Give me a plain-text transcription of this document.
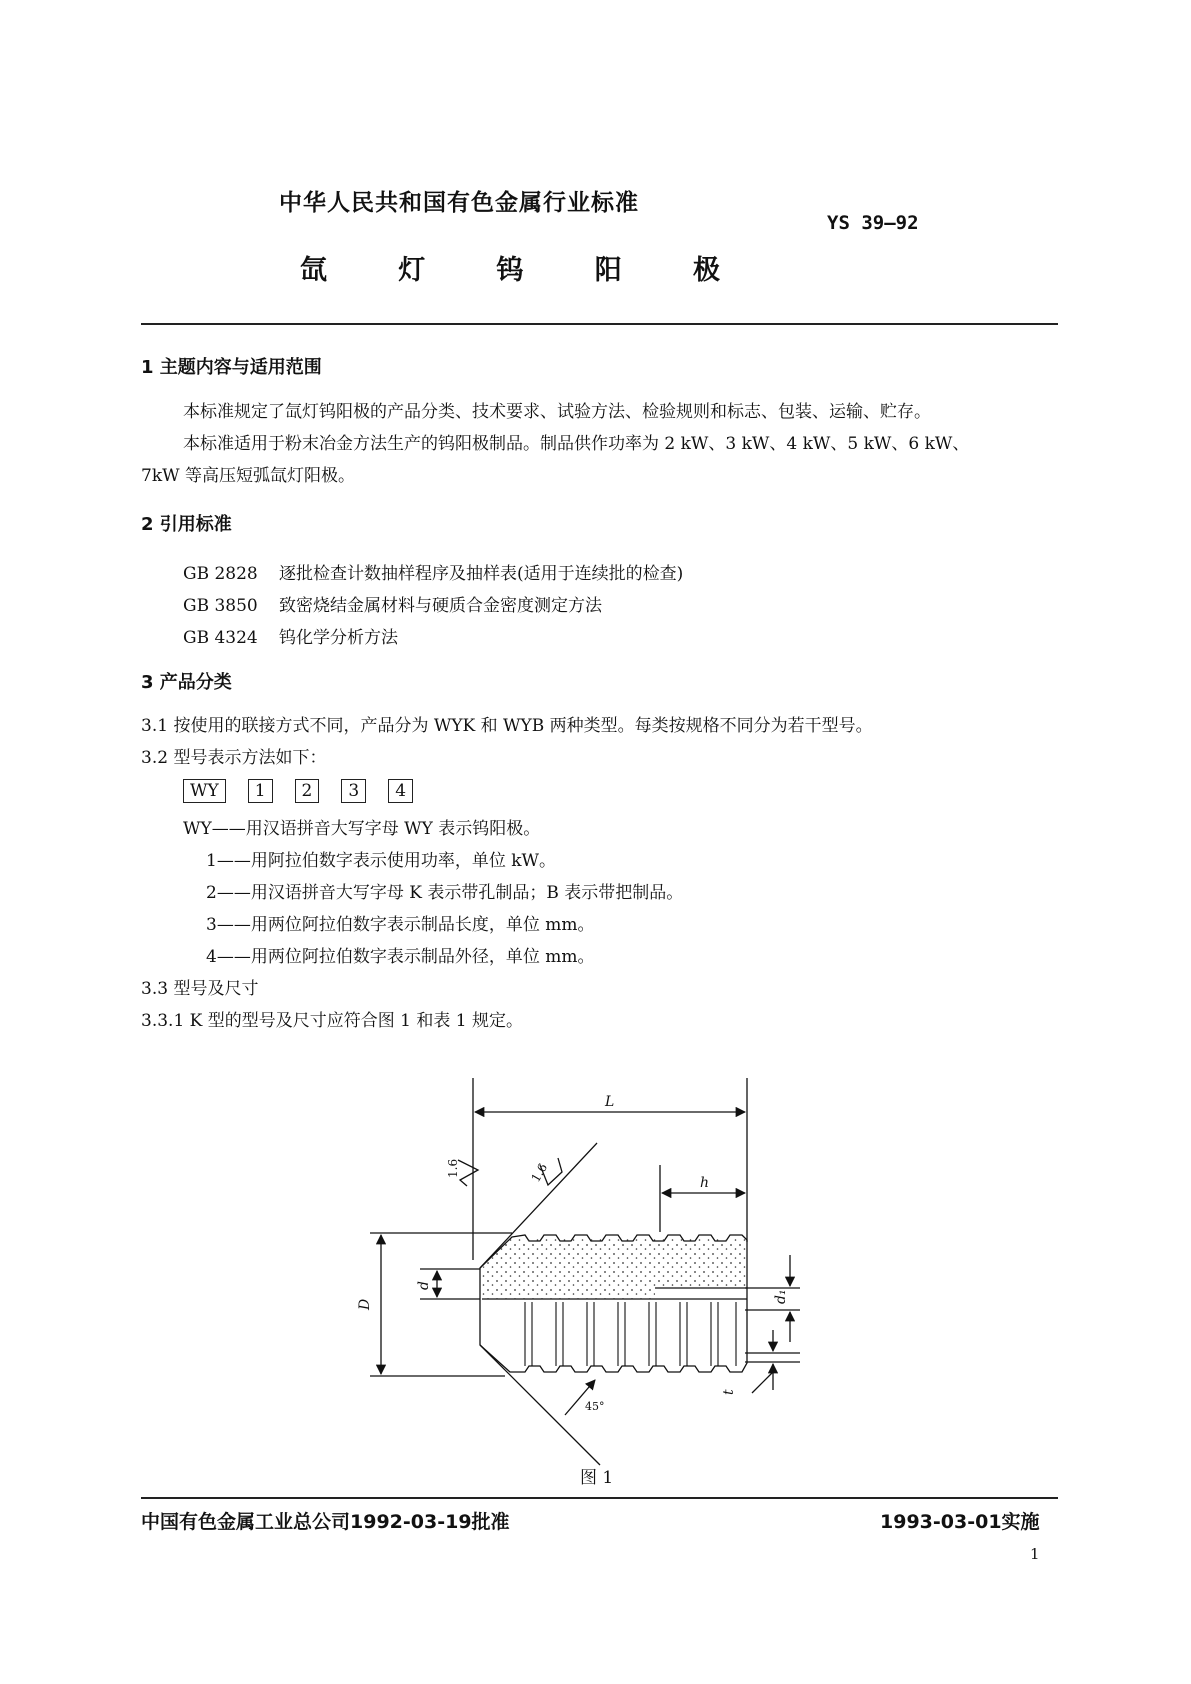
中华人民共和国有色金属行业标准
YS 39—92
氙	灯	钨	阳	极
1 主题内容与适用范围
本标准规定了氙灯钨阳极的产品分类、技术要求、试验方法、检验规则和标志、包装、运输、贮存。
本标准适用于粉末冶金方法生产的钨阳极制品。制品供作功率为 2 kW、3 kW、4 kW、5 kW、6 kW、
7kW 等高压短弧氙灯阳极。
2 引用标准
GB 2828 逐批检查计数抽样程序及抽样表(适用于连续批的检查)
GB 3850 致密烧结金属材料与硬质合金密度测定方法
GB 4324 钨化学分析方法
3 产品分类
3.1 按使用的联接方式不同，产品分为 WYK 和 WYB 两种类型。每类按规格不同分为若干型号。
3.2 型号表示方法如下：
WY 1 2 3 4
WY——用汉语拼音大写字母 WY 表示钨阳极。
1——用阿拉伯数字表示使用功率，单位 kW。
2——用汉语拼音大写字母 K 表示带孔制品；B 表示带把制品。
3——用两位阿拉伯数字表示制品长度，单位 mm。
4——用两位阿拉伯数字表示制品外径，单位 mm。
3.3 型号及尺寸
3.3.1 K 型的型号及尺寸应符合图 1 和表 1 规定。
L
h
D
d
d₁
t
45°
1.6	1.6
图 1
中国有色金属工业总公司1992-03-19批准	1993-03-01实施
1
